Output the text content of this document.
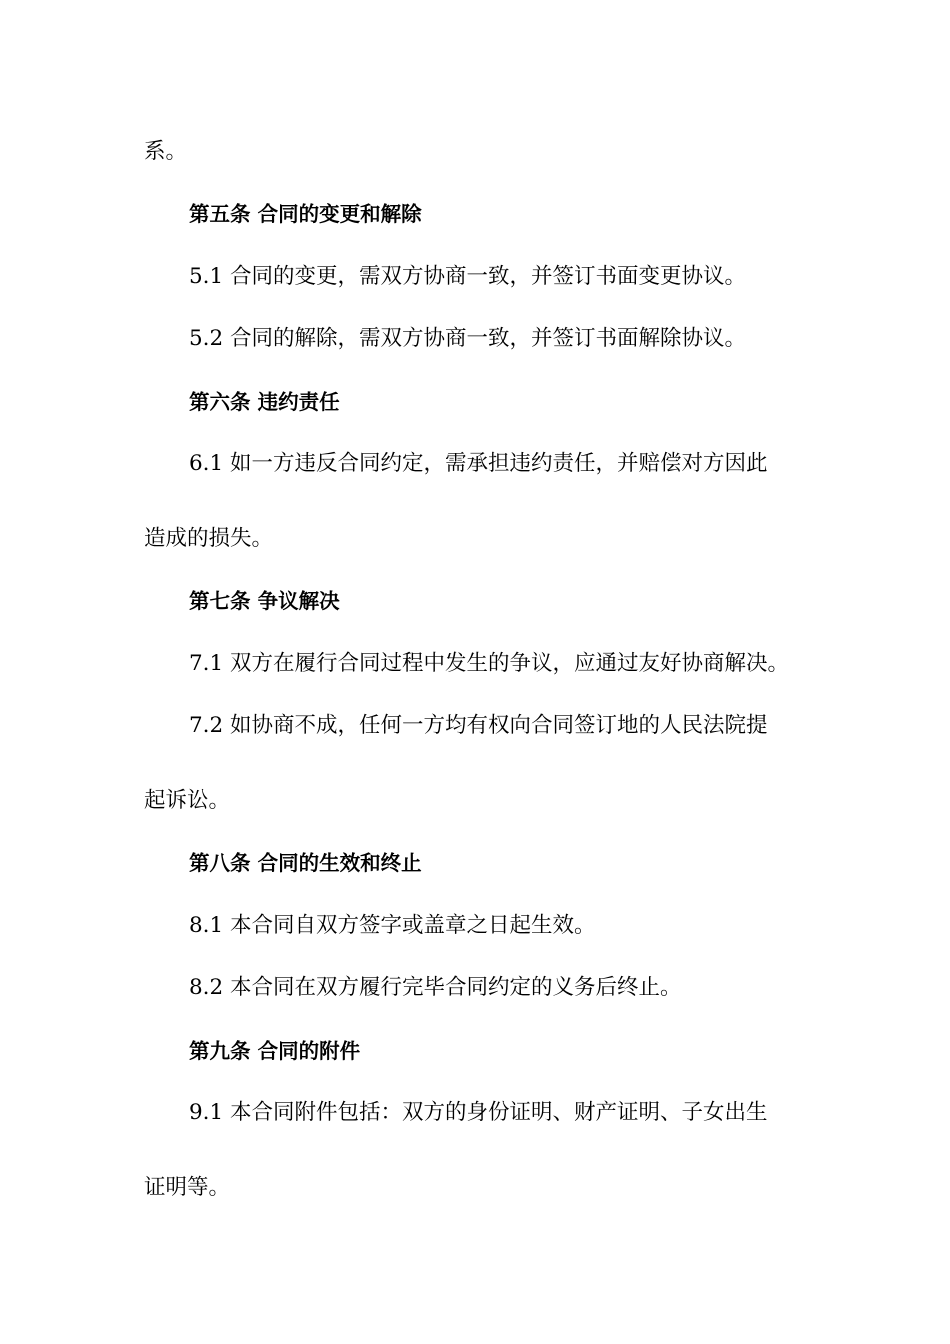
系。

第五条 合同的变更和解除

5.1 合同的变更，需双方协商一致，并签订书面变更协议。

5.2 合同的解除，需双方协商一致，并签订书面解除协议。

第六条 违约责任

6.1 如一方违反合同约定，需承担违约责任，并赔偿对方因此

造成的损失。

第七条 争议解决

7.1 双方在履行合同过程中发生的争议，应通过友好协商解决。

7.2 如协商不成，任何一方均有权向合同签订地的人民法院提

起诉讼。

第八条 合同的生效和终止

8.1 本合同自双方签字或盖章之日起生效。

8.2 本合同在双方履行完毕合同约定的义务后终止。

第九条 合同的附件

9.1 本合同附件包括：双方的身份证明、财产证明、子女出生

证明等。
